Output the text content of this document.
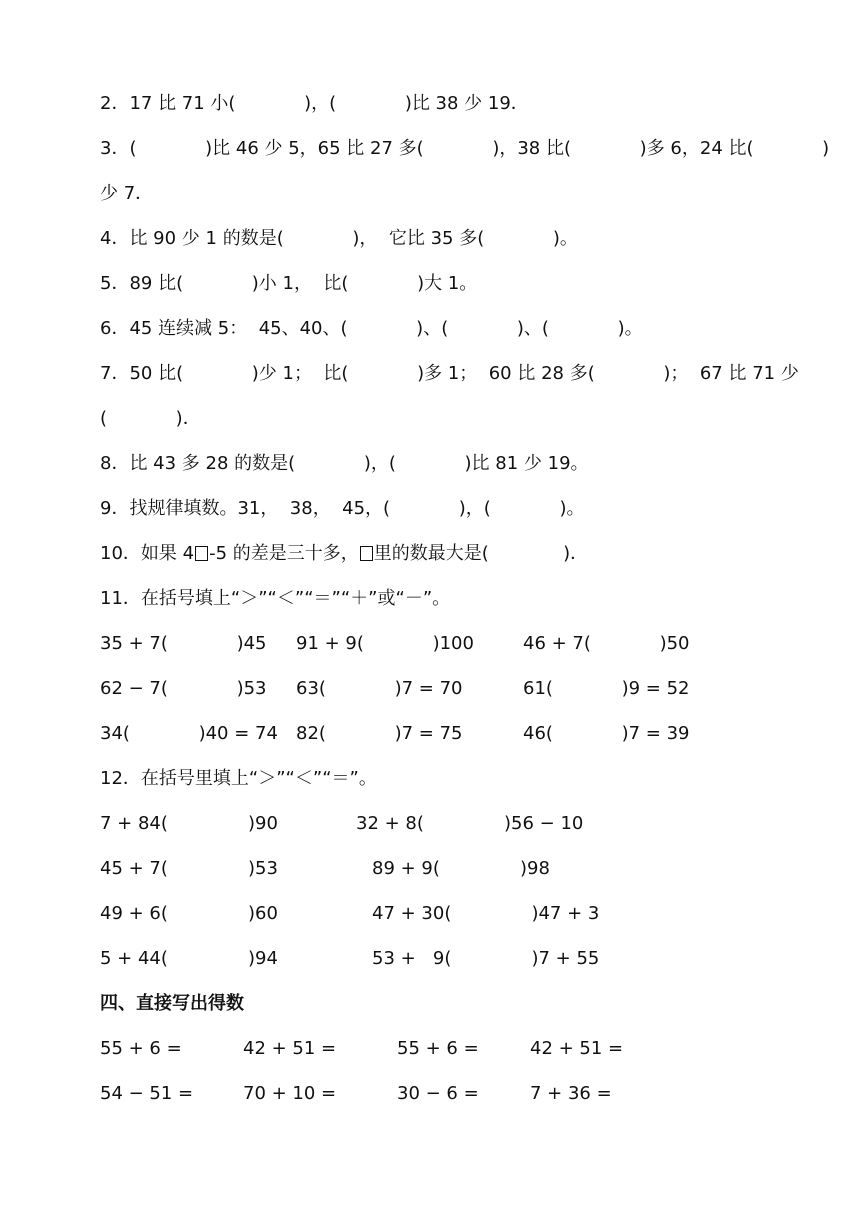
2．17 比 71 小(            )，(            )比 38 少 19．
3．(            )比 46 少 5，65 比 27 多(            )，38 比(            )多 6，24 比(            )
少 7．
4．比 90 少 1 的数是(            )，  它比 35 多(            )。
5．89 比(            )小 1，  比(            )大 1。
6．45 连续减 5：  45、40、(            )、(            )、(            )。
7．50 比(            )少 1；  比(            )多 1；  60 比 28 多(            )；  67 比 71 少
(            )．
8．比 43 多 28 的数是(            )，(            )比 81 少 19。
9．找规律填数。31，  38，  45，(            )，(            )。
10．如果 4 -5 的差是三十多， 里的数最大是(             )．
11．在括号填上“＞”“＜”“＝”“＋”或“－”。
35 + 7(            )45 91 + 9(            )100	46 + 7(            )50
62 − 7(            )53 63(            )7 = 70	61(            )9 = 52
34(            )40 = 74 82(            )7 = 75	46(            )7 = 39
12．在括号里填上“＞”“＜”“＝”。
7 + 84(              )90	32 + 8(              )56 − 10
45 + 7(              )53	89 + 9(              )98
49 + 6(              )60	47 + 30(              )47 + 3
5 + 44(              )94	53 +   9(              )7 + 55
四、直接写出得数
55 + 6 =	42 + 51 =	55 + 6 =	42 + 51 =
54 − 51 =	70 + 10 =	30 − 6 =	7 + 36 =
